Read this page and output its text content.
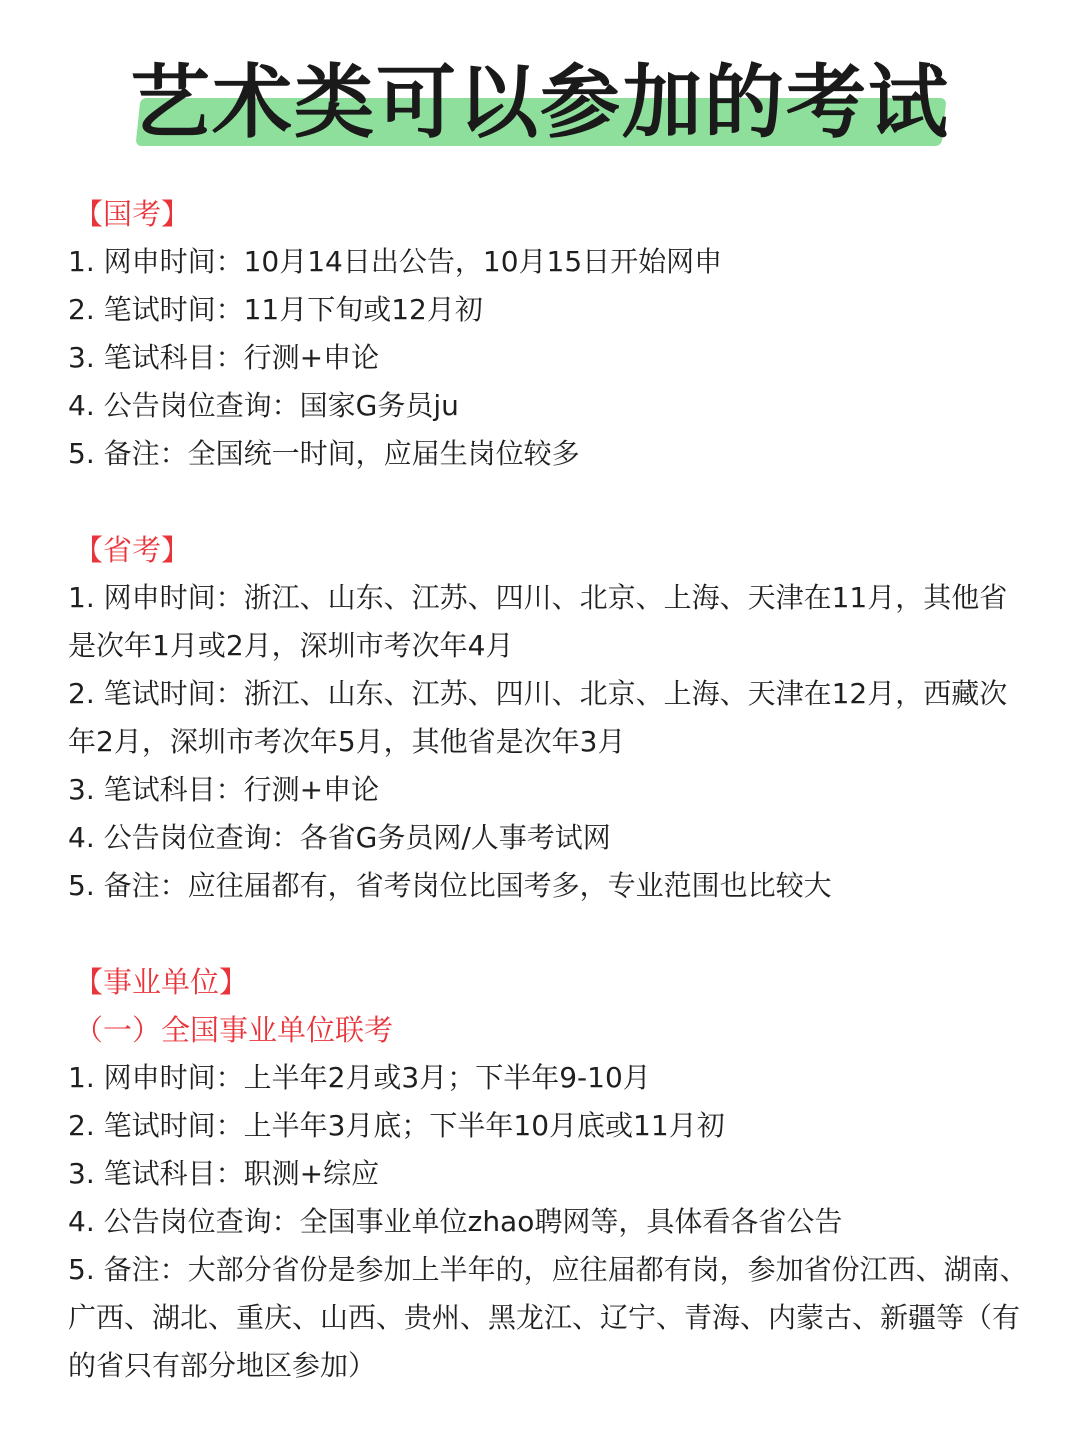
艺术类可以参加的考试
【国考】
1. 网申时间：10月14日出公告，10月15日开始网申
2. 笔试时间：11月下旬或12月初
3. 笔试科目：行测+申论
4. 公告岗位查询：国家G务员ju
5. 备注：全国统一时间，应届生岗位较多
【省考】
1. 网申时间：浙江、山东、江苏、四川、北京、上海、天津在11月，其他省是次年1月或2月，深圳市考次年4月
2. 笔试时间：浙江、山东、江苏、四川、北京、上海、天津在12月，西藏次年2月，深圳市考次年5月，其他省是次年3月
3. 笔试科目：行测+申论
4. 公告岗位查询：各省G务员网/人事考试网
5. 备注：应往届都有，省考岗位比国考多，专业范围也比较大
【事业单位】
（一）全国事业单位联考
1. 网申时间：上半年2月或3月；下半年9-10月
2. 笔试时间：上半年3月底；下半年10月底或11月初
3. 笔试科目：职测+综应
4. 公告岗位查询：全国事业单位zhao聘网等，具体看各省公告
5. 备注：大部分省份是参加上半年的，应往届都有岗，参加省份江西、湖南、广西、湖北、重庆、山西、贵州、黑龙江、辽宁、青海、内蒙古、新疆等（有的省只有部分地区参加）
